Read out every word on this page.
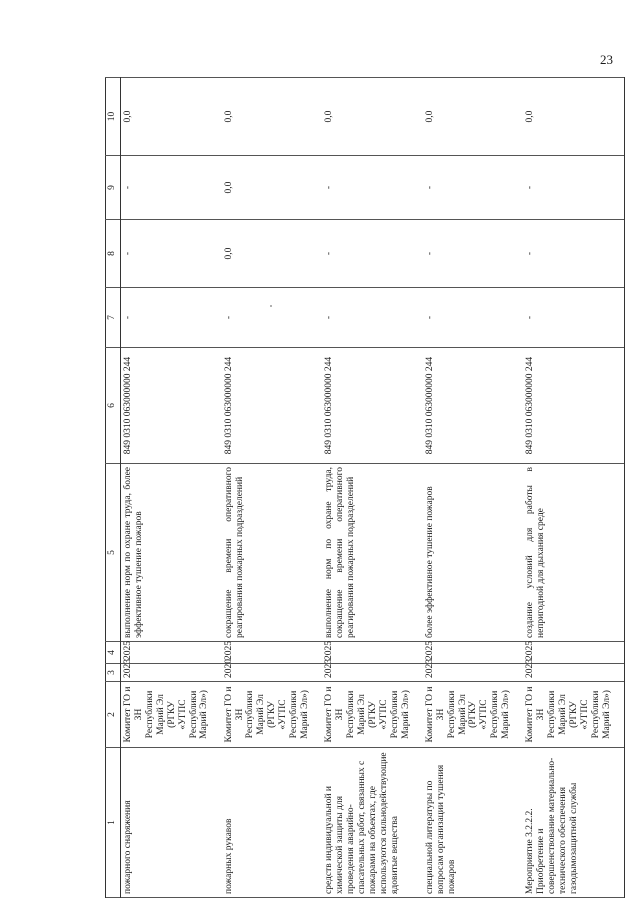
23
1	2	3	4	5	6	7	8	9	10
пожарного снаряжения	Комитет ГО и ЗН Республики Марий Эл (РГКУ «УГПС Республики Марий Эл»)	2023	2025	выполнение норм по охране труда, более эффективное тушение пожаров	849 0310 063000000 244	-	-	-	0,0
пожарных рукавов	Комитет ГО и ЗН Республики Марий Эл (РГКУ «УГПС Республики Марий Эл»)	2020	2025	сокращение времени оперативного реагирования пожарных подразделений	849 0310 063000000 244	-	0,0	0,0	0,0
средств индивидуальной и химической защиты для проведения аварийно-спасательных работ, связанных с пожарами на объектах, где используются сильнодействующие ядовитые вещества	Комитет ГО и ЗН Республики Марий Эл (РГКУ «УГПС Республики Марий Эл»)	2023	2025	выполнение норм по охране труда, сокращение времени оперативного реагирования пожарных подразделений	849 0310 063000000 244	-	-	-	0,0
специальной литературы по вопросам организации тушения пожаров	Комитет ГО и ЗН Республики Марий Эл (РГКУ «УГПС Республики Марий Эл»)	2023	2025	более эффективное тушение пожаров	849 0310 063000000 244	-	-	-	0,0
Мероприятие 3.2.2.2. Приобретение и совершенствование материально-технического обеспечения газодымозащитной службы	Комитет ГО и ЗН Республики Марий Эл (РГКУ «УГПС Республики Марий Эл»)	2023	2025	создание условий для работы в непригодной для дыхания среде	849 0310 063000000 244	-	-	-	0,0
